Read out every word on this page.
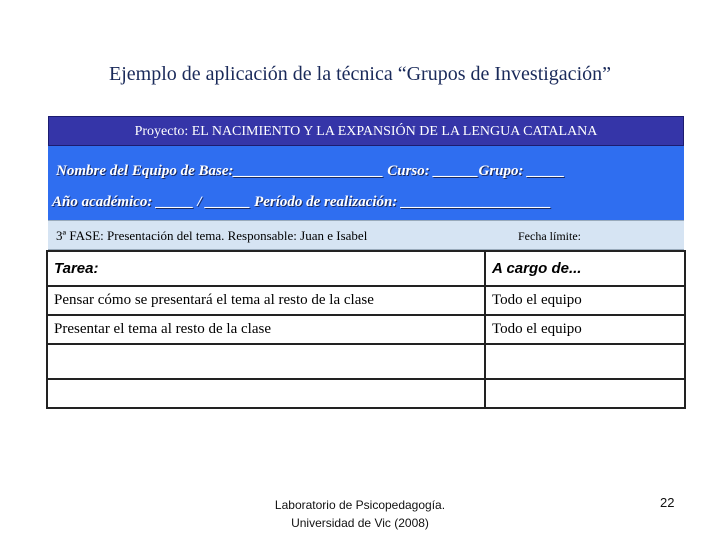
Ejemplo de aplicación de la técnica “Grupos de Investigación”
Proyecto: EL NACIMIENTO Y LA EXPANSIÓN DE LA LENGUA CATALANA
Nombre del Equipo de Base:____________________ Curso: ______Grupo: _____
Año académico: _____ / ______ Período de realización: ____________________
3ª FASE: Presentación del tema. Responsable: Juan e Isabel	Fecha límite:
Tarea:	A cargo de...
Pensar cómo se presentará el tema al resto de la clase	Todo el equipo
Presentar el tema al resto de la clase	Todo el equipo

Laboratorio de Psicopedagogía.
Universidad de Vic (2008)
22
